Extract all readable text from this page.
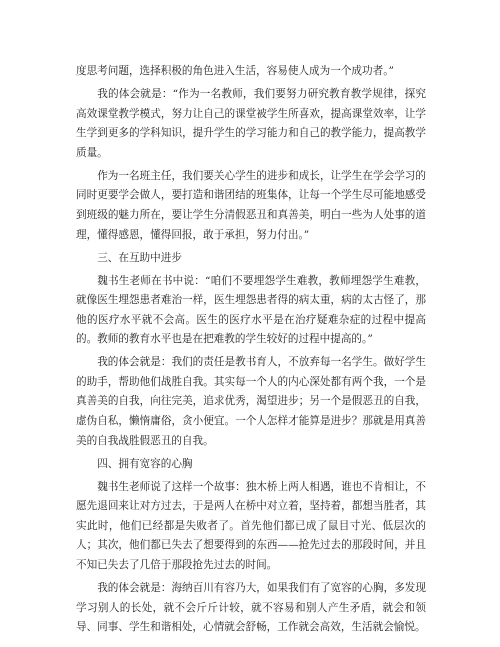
度思考问题，选择积极的角色进入生活，容易使人成为一个成功者。”

我的体会就是：“作为一名教师，我们要努力研究教育教学规律，探究高效课堂教学模式，努力让自己的课堂被学生所喜欢，提高课堂效率，让学生学到更多的学科知识，提升学生的学习能力和自己的教学能力，提高教学质量。

作为一名班主任，我们要关心学生的进步和成长，让学生在学会学习的同时更要学会做人，要打造和谐团结的班集体，让每一个学生尽可能地感受到班级的魅力所在，要让学生分清假恶丑和真善美，明白一些为人处事的道理，懂得感恩，懂得回报，敢于承担，努力付出。”

三、在互助中进步

魏书生老师在书中说：“咱们不要埋怨学生难教，教师埋怨学生难教，就像医生埋怨患者难治一样，医生埋怨患者得的病太重，病的太古怪了，那他的医疗水平就不会高。医生的医疗水平是在治疗疑难杂症的过程中提高的。教师的教育水平也是在把难教的学生较好的过程中提高的。”

我的体会就是：我们的责任是教书育人，不放弃每一名学生。做好学生的助手，帮助他们战胜自我。其实每一个人的内心深处都有两个我，一个是真善美的自我，向往完美，追求优秀，渴望进步；另一个是假恶丑的自我，虚伪自私，懒惰庸俗，贪小便宜。一个人怎样才能算是进步？那就是用真善美的自我战胜假恶丑的自我。

四、拥有宽容的心胸

魏书生老师说了这样一个故事：独木桥上两人相遇，谁也不肯相让，不愿先退回来让对方过去，于是两人在桥中对立着，坚持着，都想当胜者，其实此时，他们已经都是失败者了。首先他们都已成了鼠目寸光、低层次的人；其次，他们都已失去了想要得到的东西——抢先过去的那段时间，并且不知已失去了几倍于那段抢先过去的时间。

我的体会就是：海纳百川有容乃大，如果我们有了宽容的心胸，多发现学习别人的长处，就不会斤斤计较，就不容易和别人产生矛盾，就会和领导、同事、学生和谐相处，心情就会舒畅，工作就会高效，生活就会愉悦。
